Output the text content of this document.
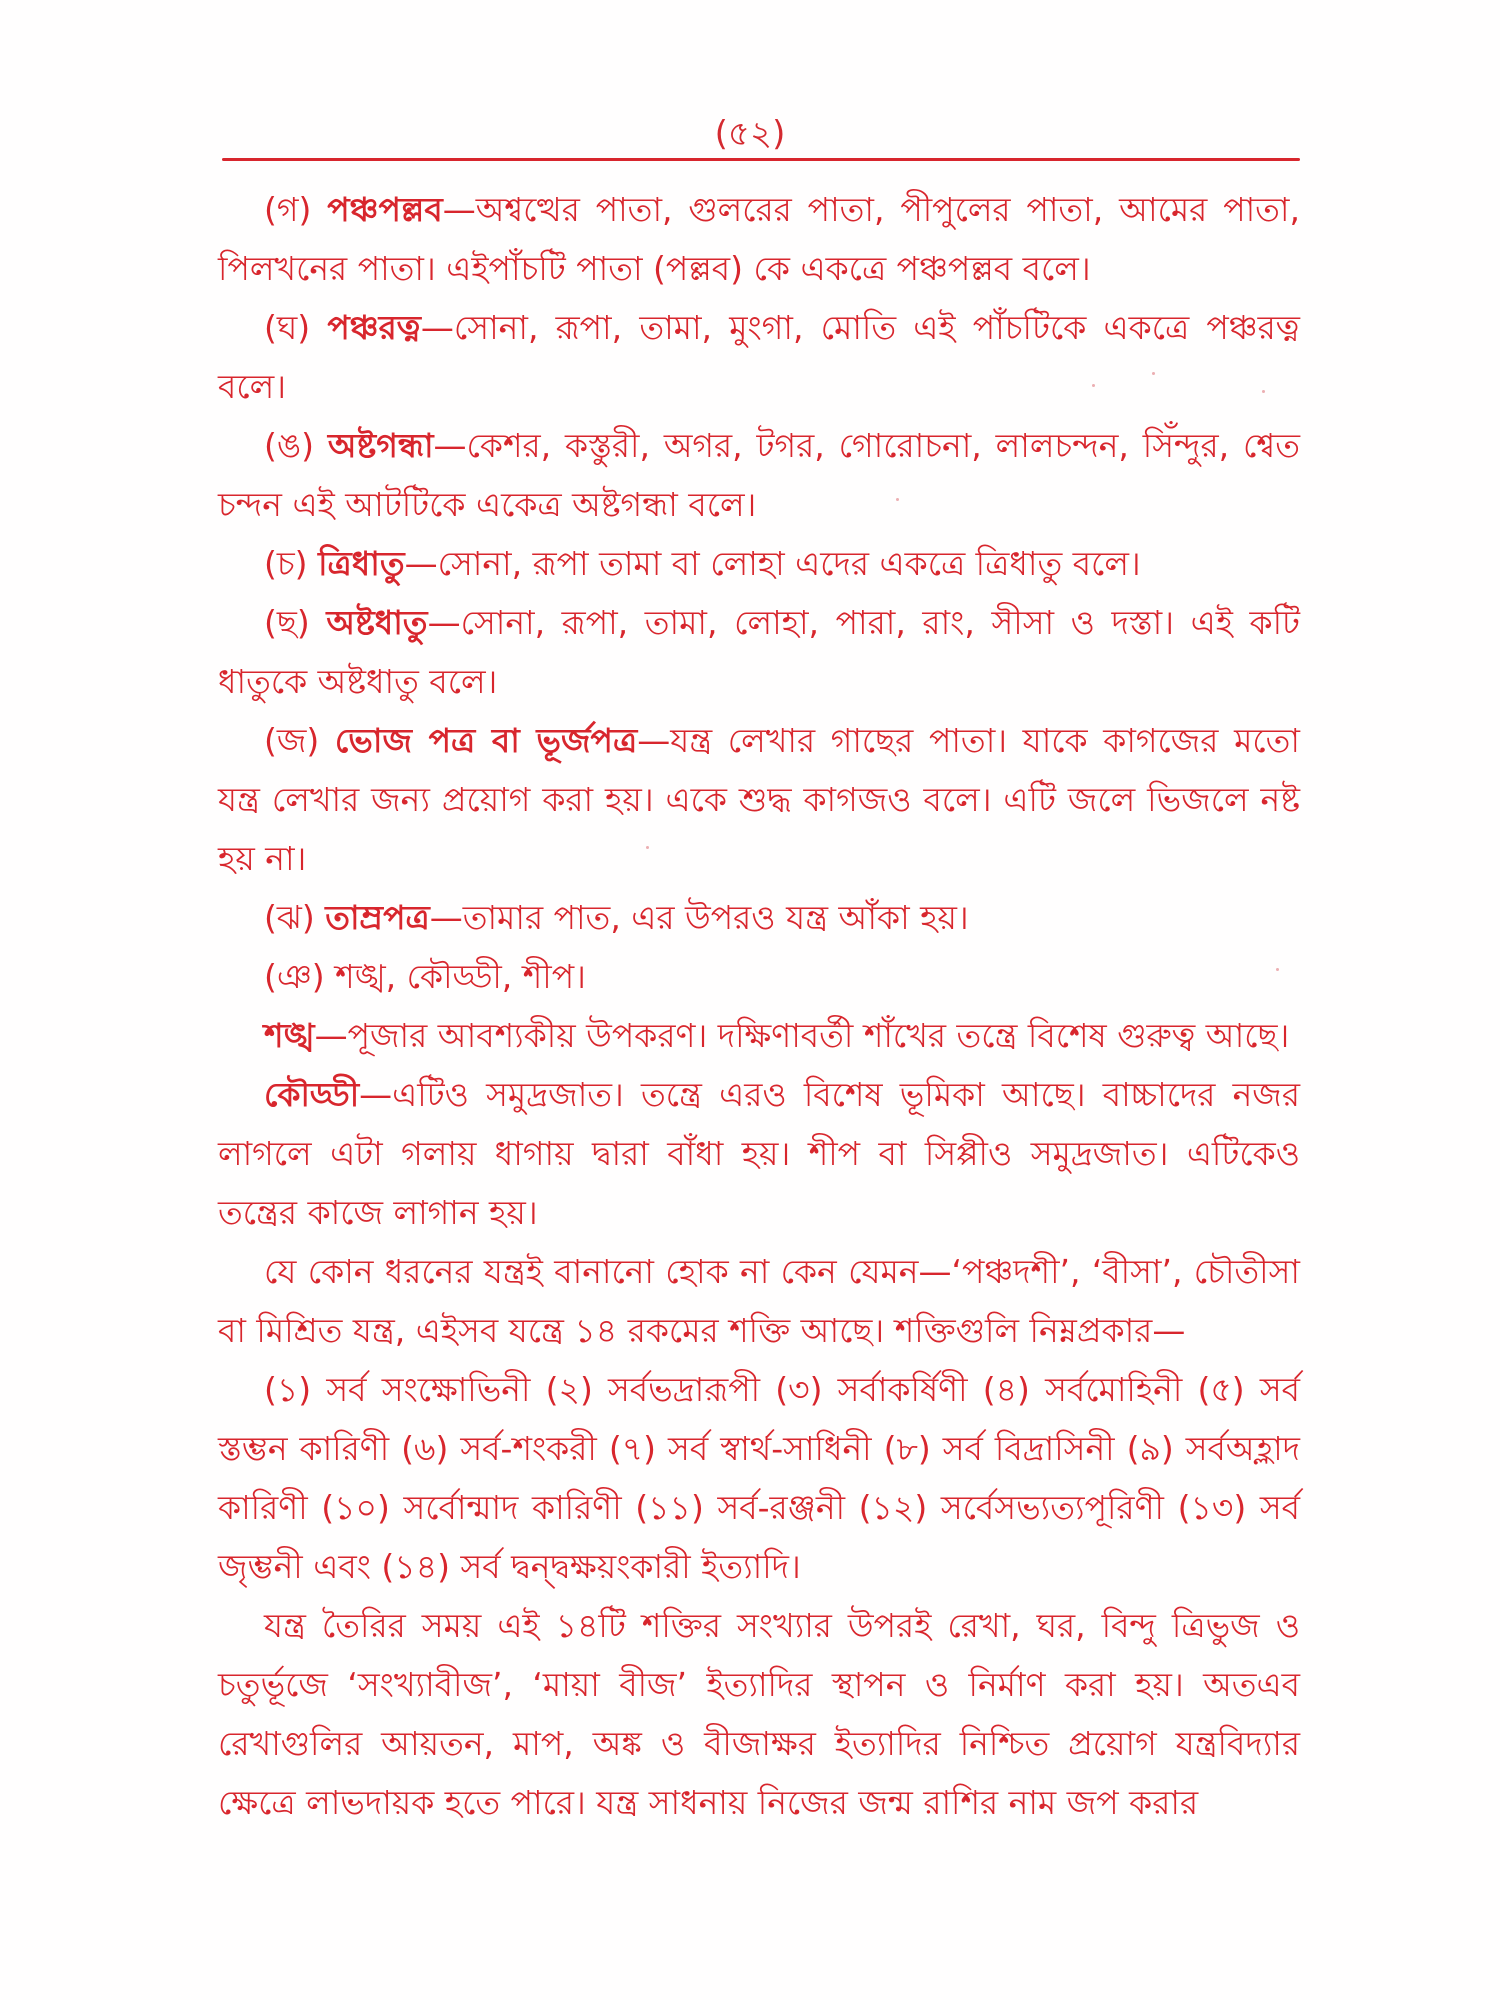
(৫২)

(গ) পঞ্চপল্লব—অশ্বত্থের পাতা, গুলরের পাতা, পীপুলের পাতা, আমের পাতা, পিলখনের পাতা। এইপাঁচটি পাতা (পল্লব) কে একত্রে পঞ্চপল্লব বলে।

(ঘ) পঞ্চরত্ন—সোনা, রূপা, তামা, মুংগা, মোতি এই পাঁচটিকে একত্রে পঞ্চরত্ন বলে।

(ঙ) অষ্টগন্ধা—কেশর, কস্তুরী, অগর, টগর, গোরোচনা, লালচন্দন, সিঁন্দুর, শ্বেত চন্দন এই আটটিকে একেত্র অষ্টগন্ধা বলে।

(চ) ত্রিধাতু—সোনা, রূপা তামা বা লোহা এদের একত্রে ত্রিধাতু বলে।

(ছ) অষ্টধাতু—সোনা, রূপা, তামা, লোহা, পারা, রাং, সীসা ও দস্তা। এই কটি ধাতুকে অষ্টধাতু বলে।

(জ) ভোজ পত্র বা ভূর্জপত্র—যন্ত্র লেখার গাছের পাতা। যাকে কাগজের মতো যন্ত্র লেখার জন্য প্রয়োগ করা হয়। একে শুদ্ধ কাগজও বলে। এটি জলে ভিজলে নষ্ট হয় না।

(ঝ) তাম্রপত্র—তামার পাত, এর উপরও যন্ত্র আঁকা হয়।

(ঞ) শঙ্খ, কৌড্ডী, শীপ।

শঙ্খ—পূজার আবশ্যকীয় উপকরণ। দক্ষিণাবর্তী শাঁখের তন্ত্রে বিশেষ গুরুত্ব আছে।

কৌড্ডী—এটিও সমুদ্রজাত। তন্ত্রে এরও বিশেষ ভূমিকা আছে। বাচ্চাদের নজর লাগলে এটা গলায় ধাগায় দ্বারা বাঁধা হয়। শীপ বা সিপ্পীও সমুদ্রজাত। এটিকেও তন্ত্রের কাজে লাগান হয়।

যে কোন ধরনের যন্ত্রই বানানো হোক না কেন যেমন—‘পঞ্চদশী’, ‘বীসা’, চৌতীসা বা মিশ্রিত যন্ত্র, এইসব যন্ত্রে ১৪ রকমের শক্তি আছে। শক্তিগুলি নিম্নপ্রকার—

(১) সর্ব সংক্ষোভিনী (২) সর্বভদ্রারূপী (৩) সর্বাকর্ষিণী (৪) সর্বমোহিনী (৫) সর্ব স্তম্ভন কারিণী (৬) সর্ব-শংকরী (৭) সর্ব স্বার্থ-সাধিনী (৮) সর্ব বিদ্রাসিনী (৯) সর্বঅহ্লাদ কারিণী (১০) সর্বোন্মাদ কারিণী (১১) সর্ব-রঞ্জনী (১২) সর্বেসভ্যত্যপূরিণী (১৩) সর্ব জৃম্ভনী এবং (১৪) সর্ব দ্বন্দ্বক্ষয়ংকারী ইত্যাদি।

যন্ত্র তৈরির সময় এই ১৪টি শক্তির সংখ্যার উপরই রেখা, ঘর, বিন্দু ত্রিভুজ ও চতুর্ভূজে ‘সংখ্যাবীজ’, ‘মায়া বীজ’ ইত্যাদির স্থাপন ও নির্মাণ করা হয়। অতএব রেখাগুলির আয়তন, মাপ, অঙ্ক ও বীজাক্ষর ইত্যাদির নিশ্চিত প্রয়োগ যন্ত্রবিদ্যার ক্ষেত্রে লাভদায়ক হতে পারে। যন্ত্র সাধনায় নিজের জন্ম রাশির নাম জপ করার
